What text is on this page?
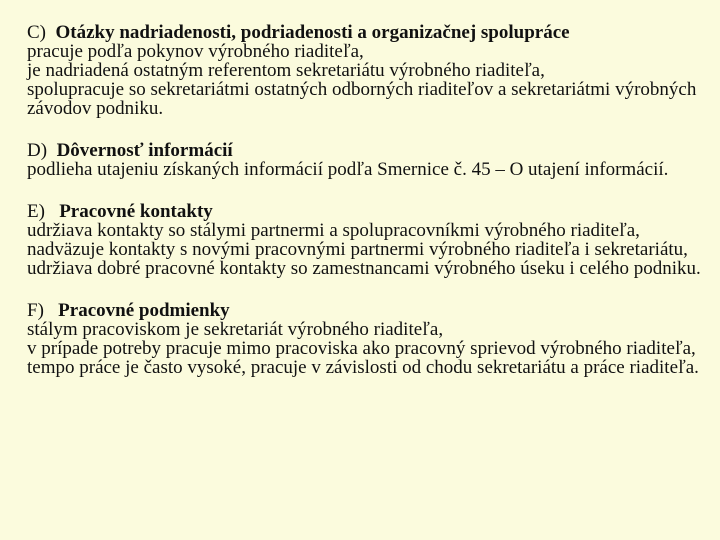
C) Otázky nadriadenosti, podriadenosti a organizačnej spolupráce
pracuje podľa pokynov výrobného riaditeľa,
je nadriadená ostatným referentom sekretariátu výrobného riaditeľa,
spolupracuje so sekretariátmi ostatných odborných riaditeľov a sekretariátmi výrobných závodov podniku.
D) Dôvernosť informácií
podlieha utajeniu získaných informácií podľa Smernice č. 45 – O utajení informácií.
E) Pracovné kontakty
udržiava kontakty so stálymi partnermi a spolupracovníkmi výrobného riaditeľa,
nadväzuje kontakty s novými pracovnými partnermi výrobného riaditeľa i sekretariátu,
udržiava dobré pracovné kontakty so zamestnancami výrobného úseku i celého podniku.
F) Pracovné podmienky
stálym pracoviskom je sekretariát výrobného riaditeľa,
v prípade potreby pracuje mimo pracoviska ako pracovný sprievod výrobného riaditeľa,
tempo práce je často vysoké, pracuje v závislosti od chodu sekretariátu a práce riaditeľa.
